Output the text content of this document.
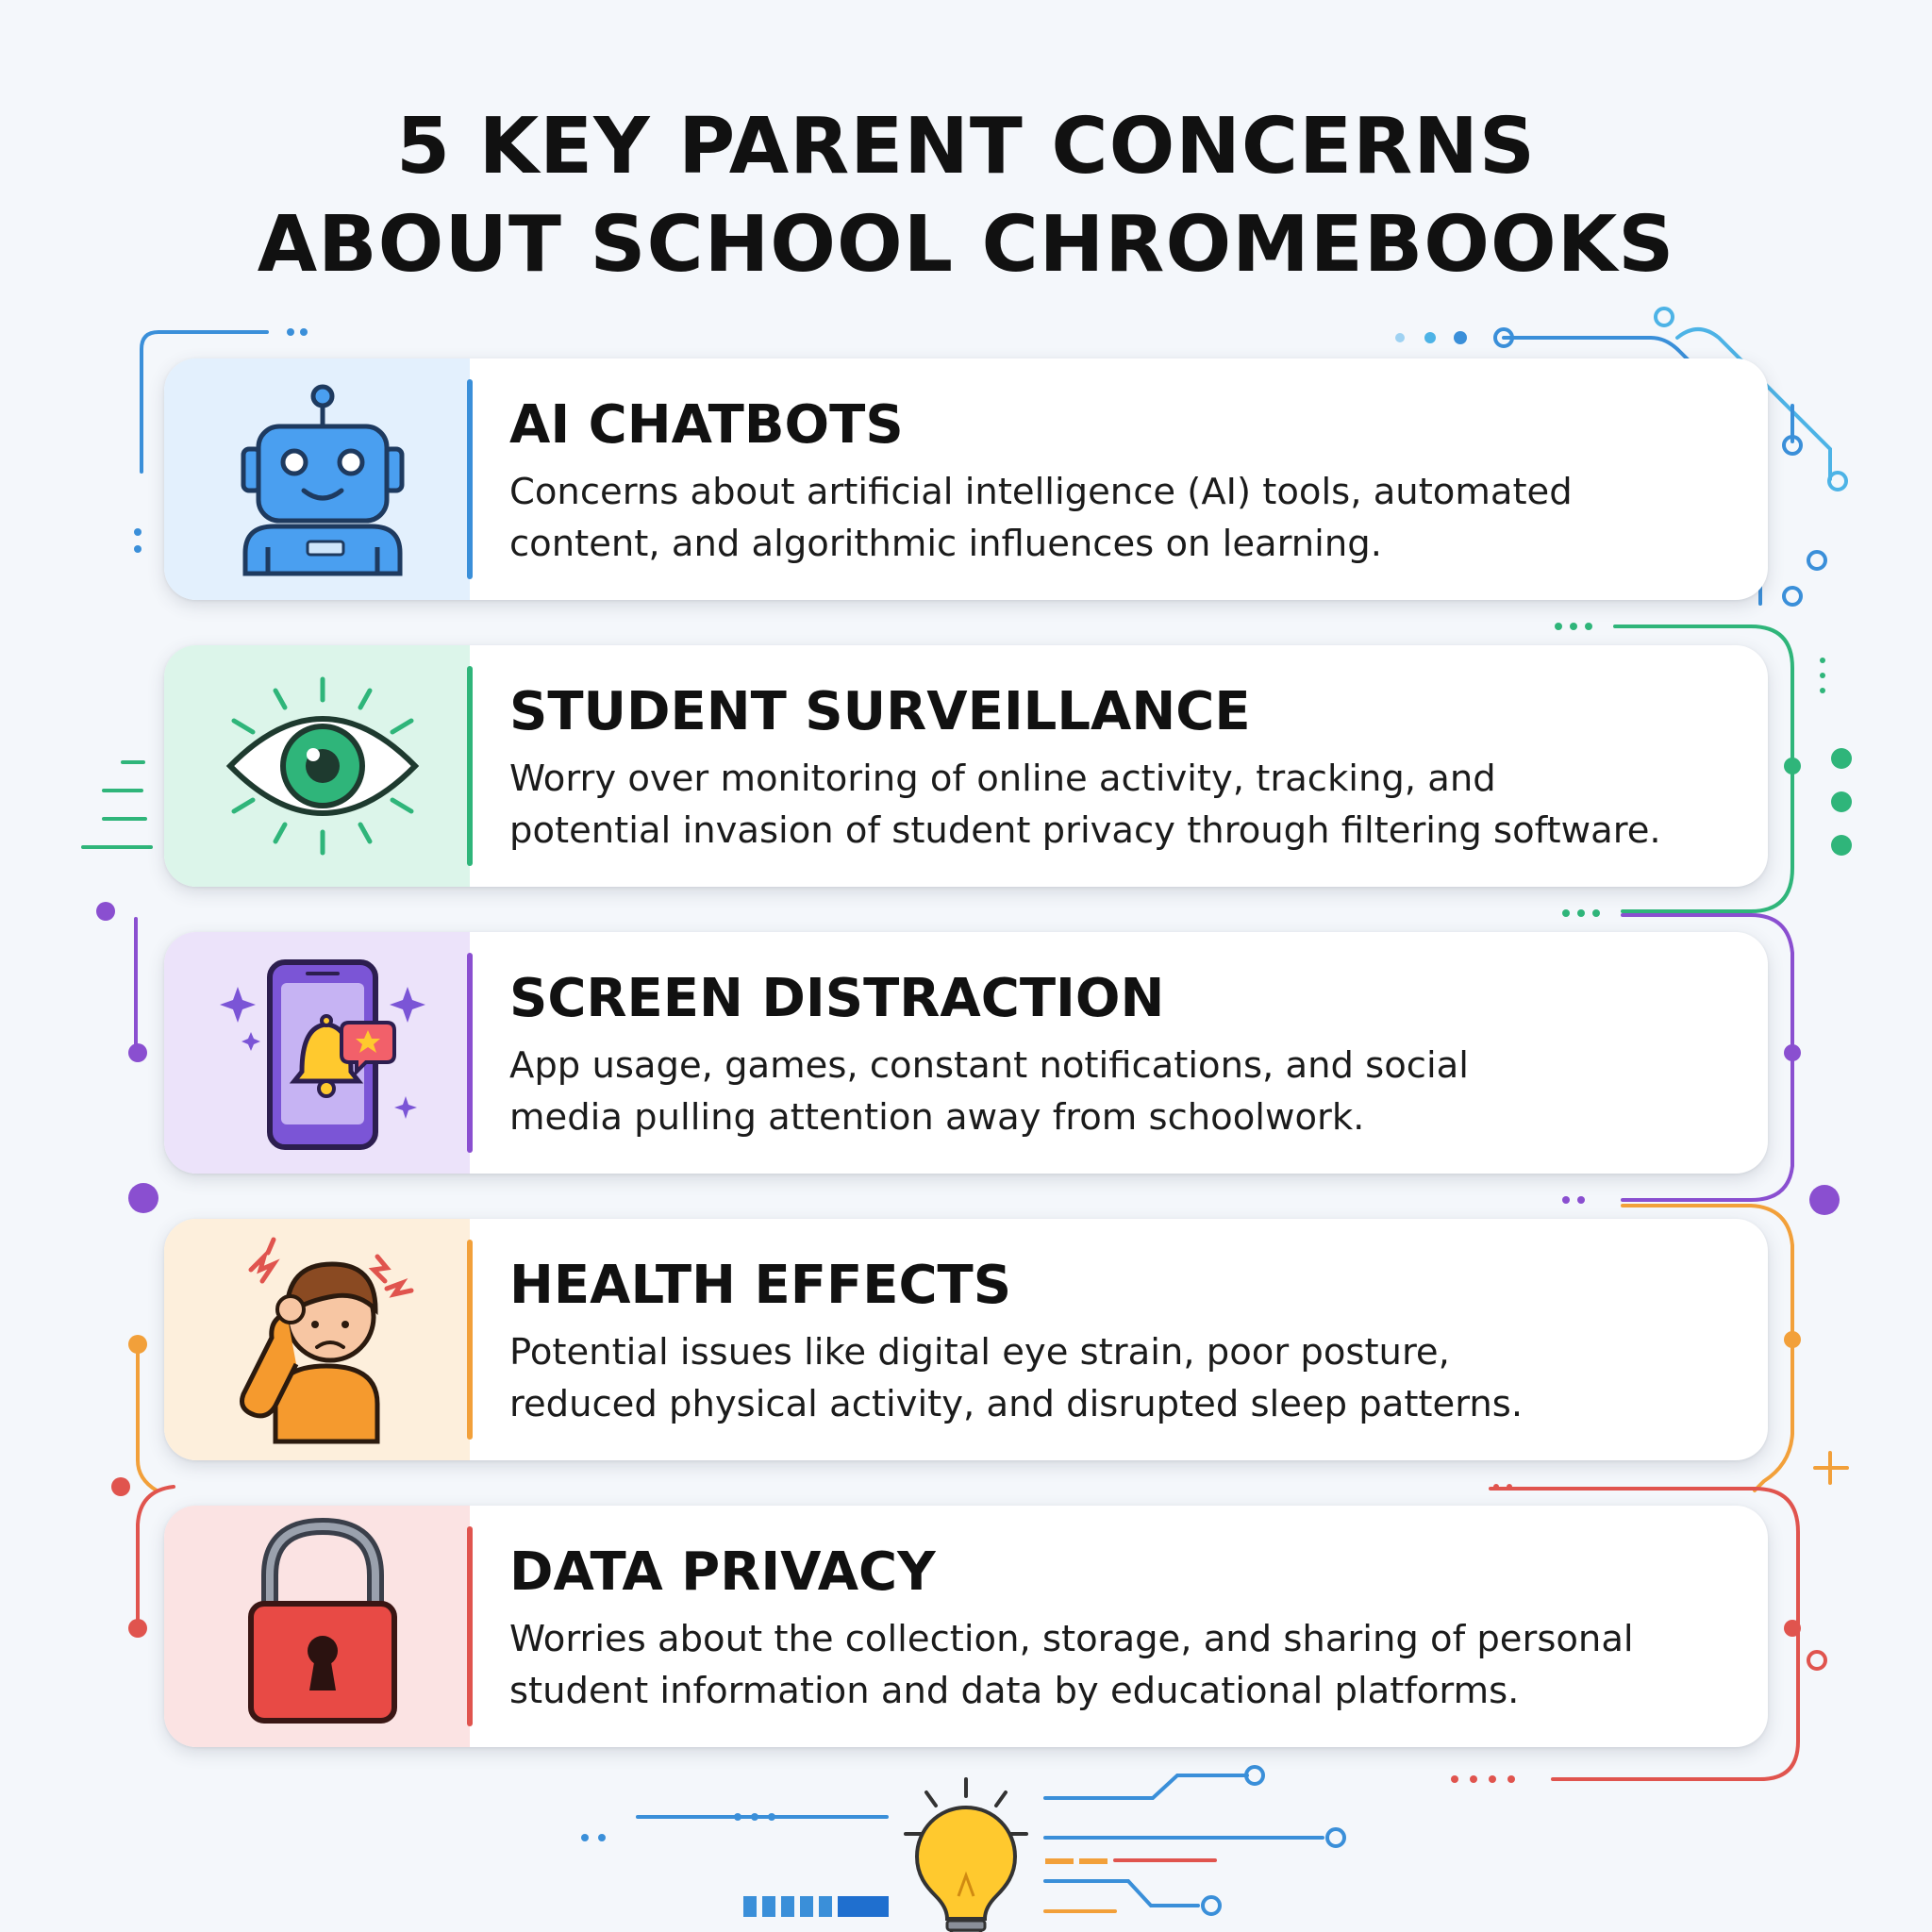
5 KEY PARENT CONCERNS
ABOUT SCHOOL CHROMEBOOKS
AI CHATBOTS
Concerns about artificial intelligence (AI) tools, automated
content, and algorithmic influences on learning.
STUDENT SURVEILLANCE
Worry over monitoring of online activity, tracking, and
potential invasion of student privacy through filtering software.
SCREEN DISTRACTION
App usage, games, constant notifications, and social
media pulling attention away from schoolwork.
HEALTH EFFECTS
Potential issues like digital eye strain, poor posture,
reduced physical activity, and disrupted sleep patterns.
DATA PRIVACY
Worries about the collection, storage, and sharing of personal
student information and data by educational platforms.
